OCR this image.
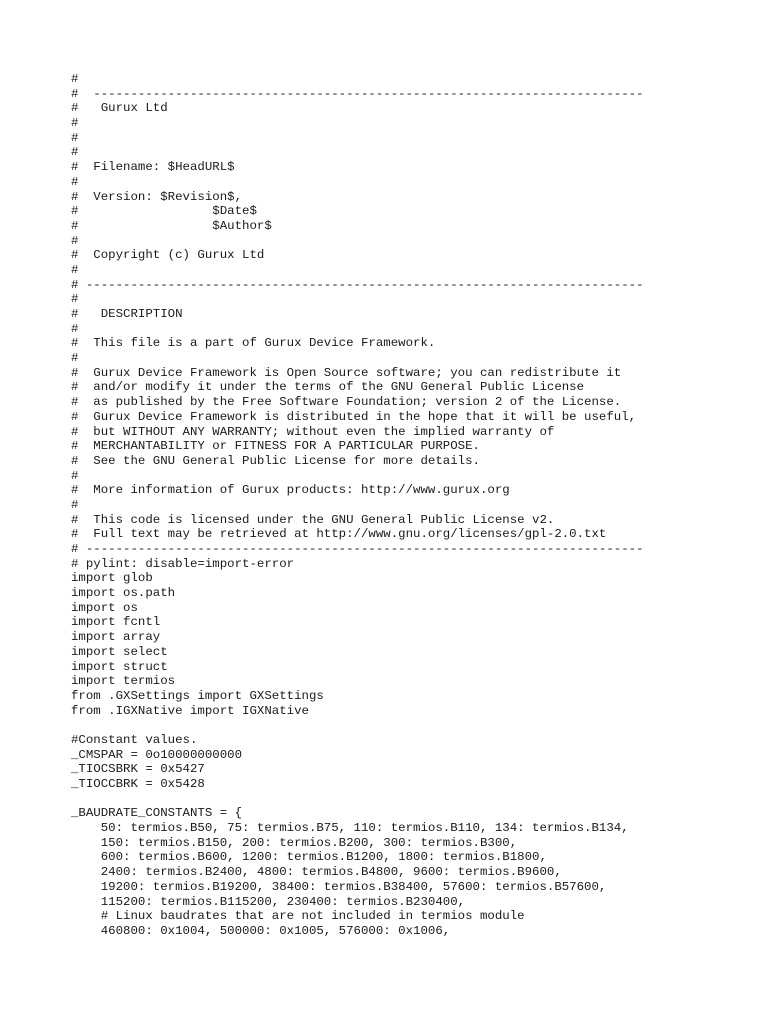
#
#  --------------------------------------------------------------------------
#   Gurux Ltd
#
#
#
#  Filename: $HeadURL$
#
#  Version: $Revision$,
#                  $Date$
#                  $Author$
#
#  Copyright (c) Gurux Ltd
#
# ---------------------------------------------------------------------------
#
#   DESCRIPTION
#
#  This file is a part of Gurux Device Framework.
#
#  Gurux Device Framework is Open Source software; you can redistribute it
#  and/or modify it under the terms of the GNU General Public License
#  as published by the Free Software Foundation; version 2 of the License.
#  Gurux Device Framework is distributed in the hope that it will be useful,
#  but WITHOUT ANY WARRANTY; without even the implied warranty of
#  MERCHANTABILITY or FITNESS FOR A PARTICULAR PURPOSE.
#  See the GNU General Public License for more details.
#
#  More information of Gurux products: http://www.gurux.org
#
#  This code is licensed under the GNU General Public License v2.
#  Full text may be retrieved at http://www.gnu.org/licenses/gpl-2.0.txt
# ---------------------------------------------------------------------------
# pylint: disable=import-error
import glob
import os.path
import os
import fcntl
import array
import select
import struct
import termios
from .GXSettings import GXSettings
from .IGXNative import IGXNative
#Constant values.
_CMSPAR = 0o10000000000
_TIOCSBRK = 0x5427
_TIOCCBRK = 0x5428
_BAUDRATE_CONSTANTS = {
50: termios.B50, 75: termios.B75, 110: termios.B110, 134: termios.B134,
150: termios.B150, 200: termios.B200, 300: termios.B300,
600: termios.B600, 1200: termios.B1200, 1800: termios.B1800,
2400: termios.B2400, 4800: termios.B4800, 9600: termios.B9600,
19200: termios.B19200, 38400: termios.B38400, 57600: termios.B57600,
115200: termios.B115200, 230400: termios.B230400,
# Linux baudrates that are not included in termios module
460800: 0x1004, 500000: 0x1005, 576000: 0x1006,
